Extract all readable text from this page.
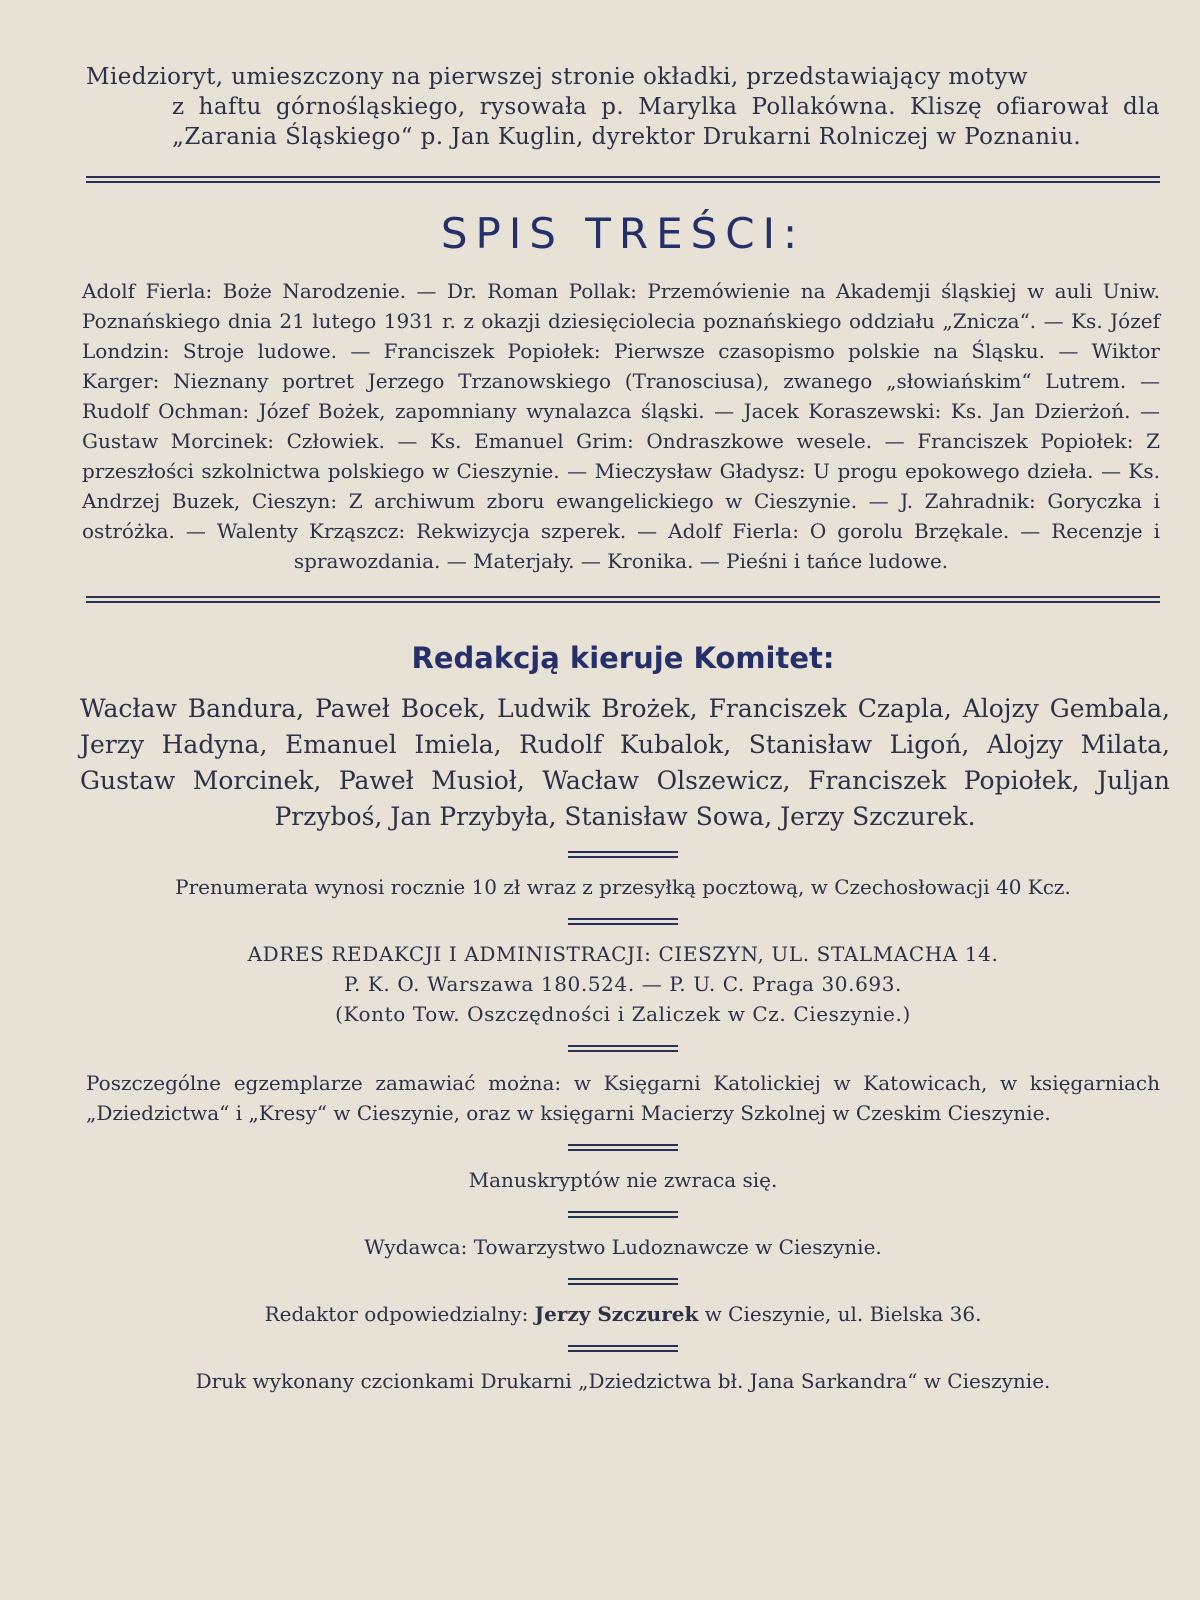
Miedzioryt, umieszczony na pierwszej stronie okładki, przedstawiający motyw
z haftu górnośląskiego, rysowała p. Marylka Pollakówna. Kliszę ofiarował dla „Zarania Śląskiego“ p. Jan Kuglin, dyrektor Drukarni Rolniczej w Poznaniu.

SPIS TREŚCI:

Adolf Fierla: Boże Narodzenie. — Dr. Roman Pollak: Przemówienie na Akademji śląskiej w auli Uniw. Poznańskiego dnia 21 lutego 1931 r. z okazji dziesięciolecia poznańskiego oddziału „Znicza“. — Ks. Józef Londzin: Stroje ludowe. — Franciszek Popiołek: Pierwsze czasopismo polskie na Śląsku. — Wiktor Karger: Nieznany portret Jerzego Trzanowskiego (Tranosciusa), zwanego „słowiańskim“ Lutrem. — Rudolf Ochman: Józef Bożek, zapomniany wynalazca śląski. — Jacek Koraszewski: Ks. Jan Dzierżoń. — Gustaw Morcinek: Człowiek. — Ks. Emanuel Grim: Ondraszkowe wesele. — Franciszek Popiołek: Z przeszłości szkolnictwa polskiego w Cieszynie. — Mieczysław Gładysz: U progu epokowego dzieła. — Ks. Andrzej Buzek, Cieszyn: Z archiwum zboru ewangelickiego w Cieszynie. — J. Zahradnik: Goryczka i ostróżka. — Walenty Krząszcz: Rekwizycja szperek. — Adolf Fierla: O gorolu Brzękale. — Recenzje i sprawozdania. — Materjały. — Kronika. — Pieśni i tańce ludowe.

Redakcją kieruje Komitet:

Wacław Bandura, Paweł Bocek, Ludwik Brożek, Franciszek Czapla, Alojzy Gembala, Jerzy Hadyna, Emanuel Imiela, Rudolf Kubalok, Stanisław Ligoń, Alojzy Milata, Gustaw Morcinek, Paweł Musioł, Wacław Olszewicz, Franciszek Popiołek, Juljan Przyboś, Jan Przybyła, Stanisław Sowa, Jerzy Szczurek.

Prenumerata wynosi rocznie 10 zł wraz z przesyłką pocztową, w Czechosłowacji 40 Kcz.

ADRES REDAKCJI I ADMINISTRACJI: CIESZYN, UL. STALMACHA 14.
P. K. O. Warszawa 180.524. — P. U. C. Praga 30.693.
(Konto Tow. Oszczędności i Zaliczek w Cz. Cieszynie.)

Poszczególne egzemplarze zamawiać można: w Księgarni Katolickiej w Katowicach, w księgarniach „Dziedzictwa“ i „Kresy“ w Cieszynie, oraz w księgarni Macierzy Szkolnej w Czeskim Cieszynie.

Manuskryptów nie zwraca się.

Wydawca: Towarzystwo Ludoznawcze w Cieszynie.

Redaktor odpowiedzialny: Jerzy Szczurek w Cieszynie, ul. Bielska 36.

Druk wykonany czcionkami Drukarni „Dziedzictwa bł. Jana Sarkandra“ w Cieszynie.
